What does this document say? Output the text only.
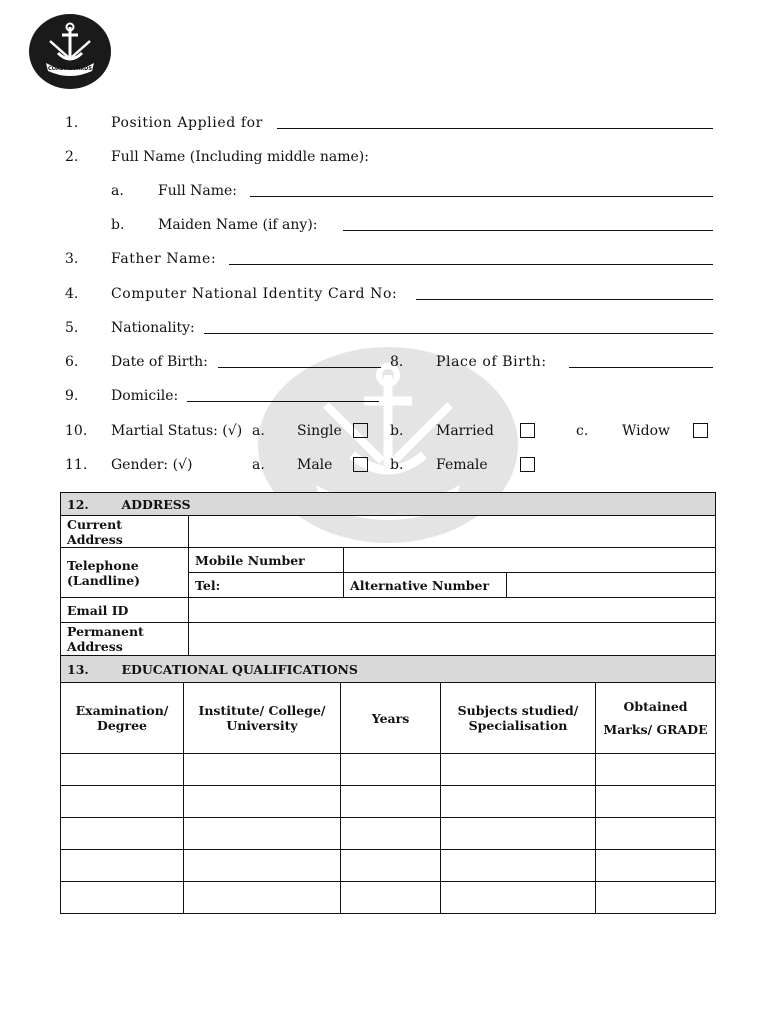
COAST GUARDS
1. Position Applied for
2. Full Name (Including middle name):
a. Full Name:
b. Maiden Name (if any):
3. Father Name:
4. Computer National Identity Card No:
5. Nationality:
6. Date of Birth:	8. Place of Birth:
9. Domicile:
10. Martial Status: (√) a. Single	b. Married	c. Widow
11. Gender: (√)	a. Male	b. Female
12. ADDRESS			
Current Address			
Telephone (Landline)	Mobile Number		
	Tel:	Alternative Number	
Email ID			
Permanent Address			
13. EDUCATIONAL QUALIFICATIONS				
Examination/ Degree	Institute/ College/ University	Years	Subjects studied/ Specialisation	Obtained Marks/ GRADE
